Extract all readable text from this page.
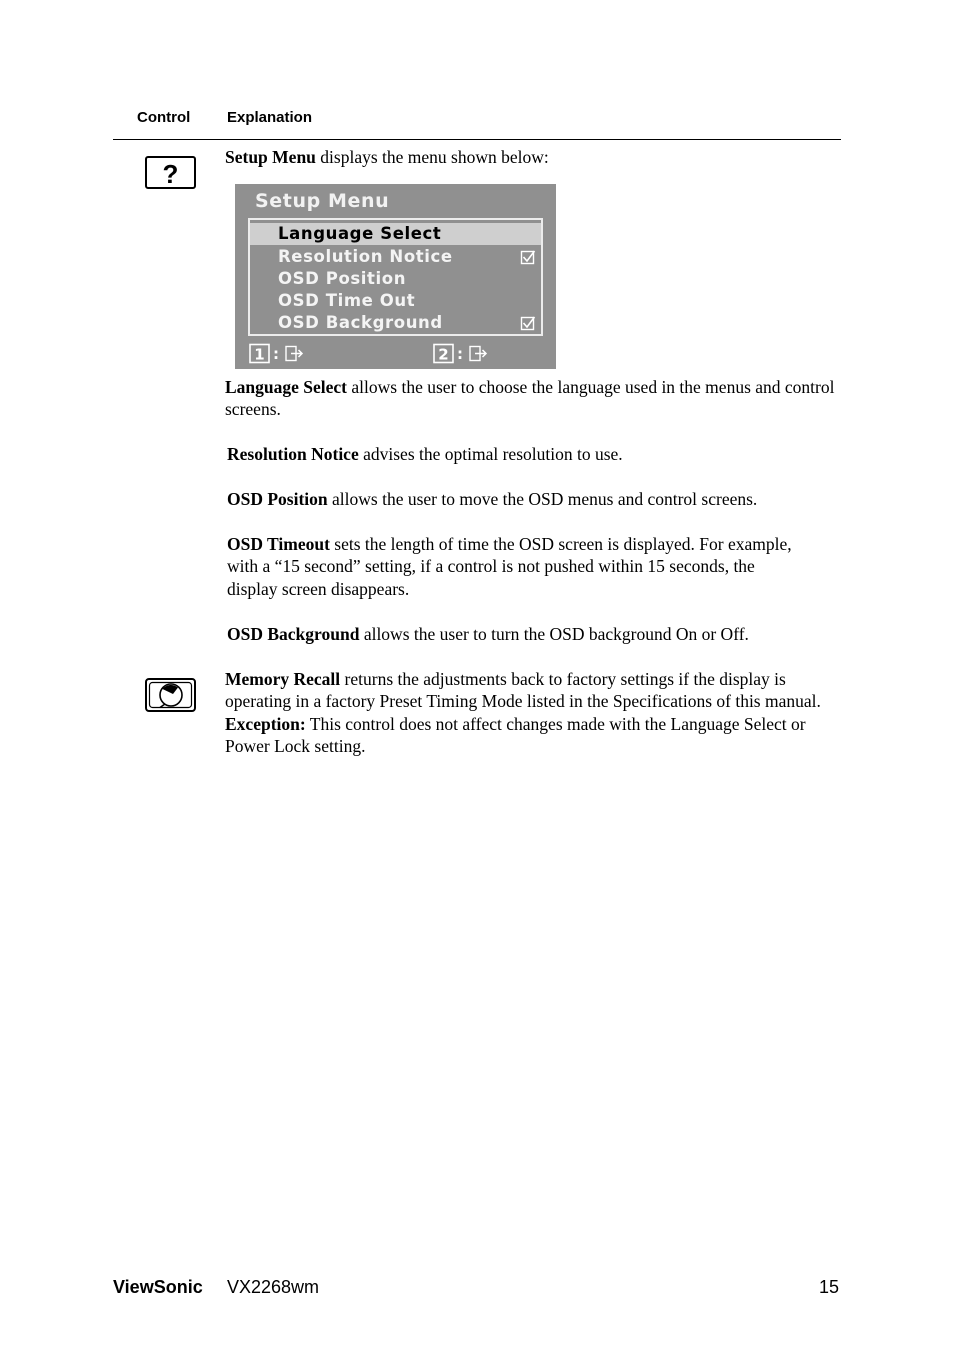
Control Explanation
?
Setup Menu displays the menu shown below:
Setup Menu
Language Select
Resolution Notice
OSD Position
OSD Time Out
OSD Background
1 :	2 :
Language Select allows the user to choose the language used in the menus and control screens.
Resolution Notice advises the optimal resolution to use.
OSD Position allows the user to move the OSD menus and control screens.
OSD Timeout sets the length of time the OSD screen is displayed. For example, with a “15 second” setting, if a control is not pushed within 15 seconds, the display screen disappears.
OSD Background allows the user to turn the OSD background On or Off.
Memory Recall returns the adjustments back to factory settings if the display is operating in a factory Preset Timing Mode listed in the Specifications of this manual.
Exception: This control does not affect changes made with the Language Select or Power Lock setting.
ViewSonic VX2268wm	15
